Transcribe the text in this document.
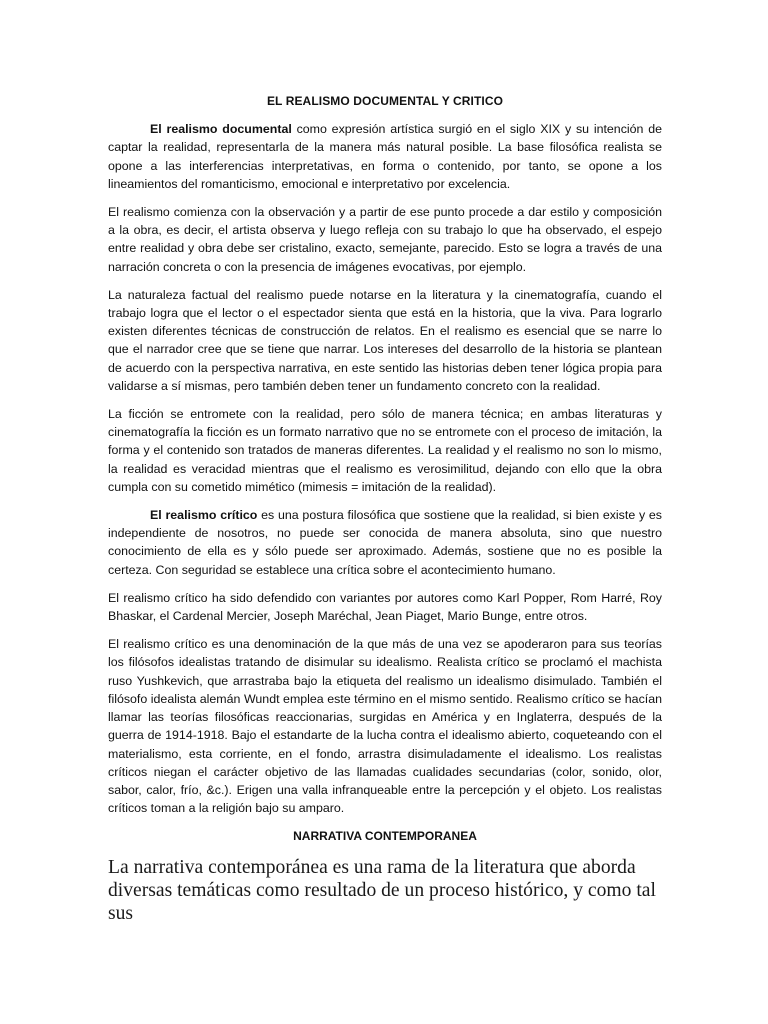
EL REALISMO DOCUMENTAL Y CRITICO

El realismo documental como expresión artística surgió en el siglo XIX y su intención de captar la realidad, representarla de la manera más natural posible. La base filosófica realista se opone a las interferencias interpretativas, en forma o contenido, por tanto, se opone a los lineamientos del romanticismo, emocional e interpretativo por excelencia.

El realismo comienza con la observación y a partir de ese punto procede a dar estilo y composición a la obra, es decir, el artista observa y luego refleja con su trabajo lo que ha observado, el espejo entre realidad y obra debe ser cristalino, exacto, semejante, parecido. Esto se logra a través de una narración concreta o con la presencia de imágenes evocativas, por ejemplo.

La naturaleza factual del realismo puede notarse en la literatura y la cinematografía, cuando el trabajo logra que el lector o el espectador sienta que está en la historia, que la viva. Para lograrlo existen diferentes técnicas de construcción de relatos. En el realismo es esencial que se narre lo que el narrador cree que se tiene que narrar. Los intereses del desarrollo de la historia se plantean de acuerdo con la perspectiva narrativa, en este sentido las historias deben tener lógica propia para validarse a sí mismas, pero también deben tener un fundamento concreto con la realidad.

La ficción se entromete con la realidad, pero sólo de manera técnica; en ambas literaturas y cinematografía la ficción es un formato narrativo que no se entromete con el proceso de imitación, la forma y el contenido son tratados de maneras diferentes. La realidad y el realismo no son lo mismo, la realidad es veracidad mientras que el realismo es verosimilitud, dejando con ello que la obra cumpla con su cometido mimético (mimesis = imitación de la realidad).

El realismo crítico es una postura filosófica que sostiene que la realidad, si bien existe y es independiente de nosotros, no puede ser conocida de manera absoluta, sino que nuestro conocimiento de ella es y sólo puede ser aproximado. Además, sostiene que no es posible la certeza. Con seguridad se establece una crítica sobre el acontecimiento humano.

El realismo crítico ha sido defendido con variantes por autores como Karl Popper, Rom Harré, Roy Bhaskar, el Cardenal Mercier, Joseph Maréchal, Jean Piaget, Mario Bunge, entre otros.

El realismo crítico es una denominación de la que más de una vez se apoderaron para sus teorías los filósofos idealistas tratando de disimular su idealismo. Realista crítico se proclamó el machista ruso Yushkevich, que arrastraba bajo la etiqueta del realismo un idealismo disimulado. También el filósofo idealista alemán Wundt emplea este término en el mismo sentido. Realismo crítico se hacían llamar las teorías filosóficas reaccionarias, surgidas en América y en Inglaterra, después de la guerra de 1914-1918. Bajo el estandarte de la lucha contra el idealismo abierto, coqueteando con el materialismo, esta corriente, en el fondo, arrastra disimuladamente el idealismo. Los realistas críticos niegan el carácter objetivo de las llamadas cualidades secundarias (color, sonido, olor, sabor, calor, frío, &c.). Erigen una valla infranqueable entre la percepción y el objeto. Los realistas críticos toman a la religión bajo su amparo.

NARRATIVA CONTEMPORANEA

La narrativa contemporánea es una rama de la literatura que aborda diversas temáticas como resultado de un proceso histórico, y como tal sus
